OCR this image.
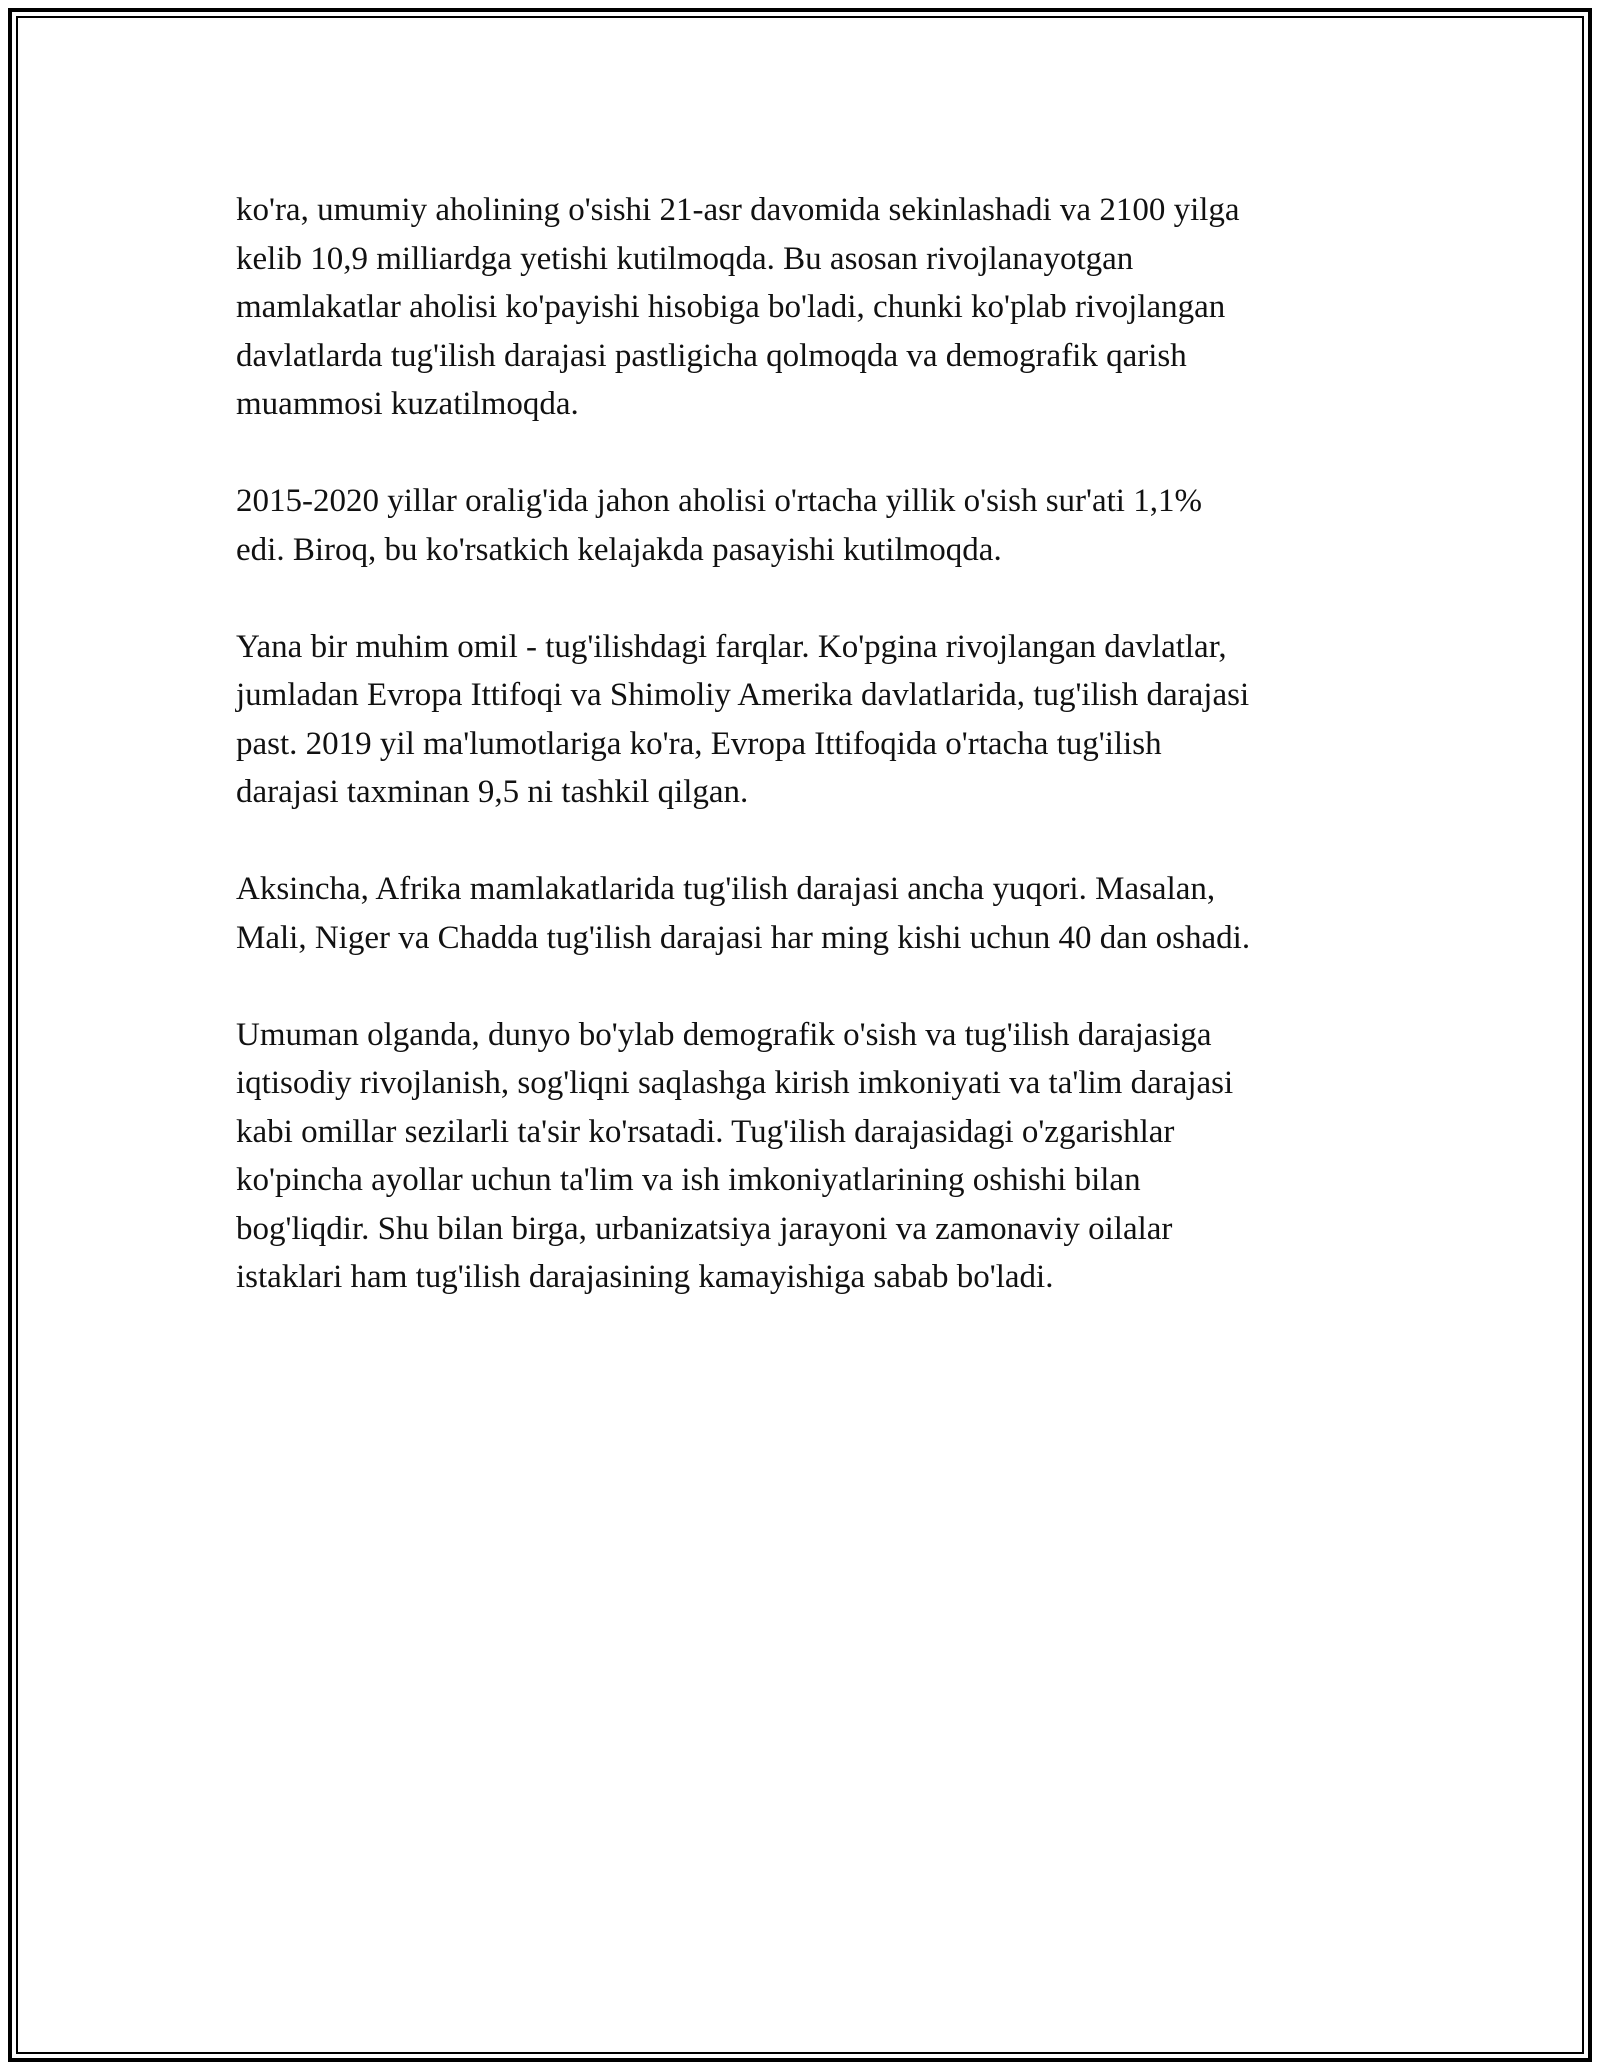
ko'ra, umumiy aholining o'sishi 21-asr davomida sekinlashadi va 2100 yilga
kelib 10,9 milliardga yetishi kutilmoqda. Bu asosan rivojlanayotgan
mamlakatlar aholisi ko'payishi hisobiga bo'ladi, chunki ko'plab rivojlangan
davlatlarda tug'ilish darajasi pastligicha qolmoqda va demografik qarish
muammosi kuzatilmoqda.

2015-2020 yillar oralig'ida jahon aholisi o'rtacha yillik o'sish sur'ati 1,1%
edi. Biroq, bu ko'rsatkich kelajakda pasayishi kutilmoqda.

Yana bir muhim omil - tug'ilishdagi farqlar. Ko'pgina rivojlangan davlatlar,
jumladan Evropa Ittifoqi va Shimoliy Amerika davlatlarida, tug'ilish darajasi
past. 2019 yil ma'lumotlariga ko'ra, Evropa Ittifoqida o'rtacha tug'ilish
darajasi taxminan 9,5 ni tashkil qilgan.

Aksincha, Afrika mamlakatlarida tug'ilish darajasi ancha yuqori. Masalan,
Mali, Niger va Chadda tug'ilish darajasi har ming kishi uchun 40 dan oshadi.

Umuman olganda, dunyo bo'ylab demografik o'sish va tug'ilish darajasiga
iqtisodiy rivojlanish, sog'liqni saqlashga kirish imkoniyati va ta'lim darajasi
kabi omillar sezilarli ta'sir ko'rsatadi. Tug'ilish darajasidagi o'zgarishlar
ko'pincha ayollar uchun ta'lim va ish imkoniyatlarining oshishi bilan
bog'liqdir. Shu bilan birga, urbanizatsiya jarayoni va zamonaviy oilalar
istaklari ham tug'ilish darajasining kamayishiga sabab bo'ladi.
